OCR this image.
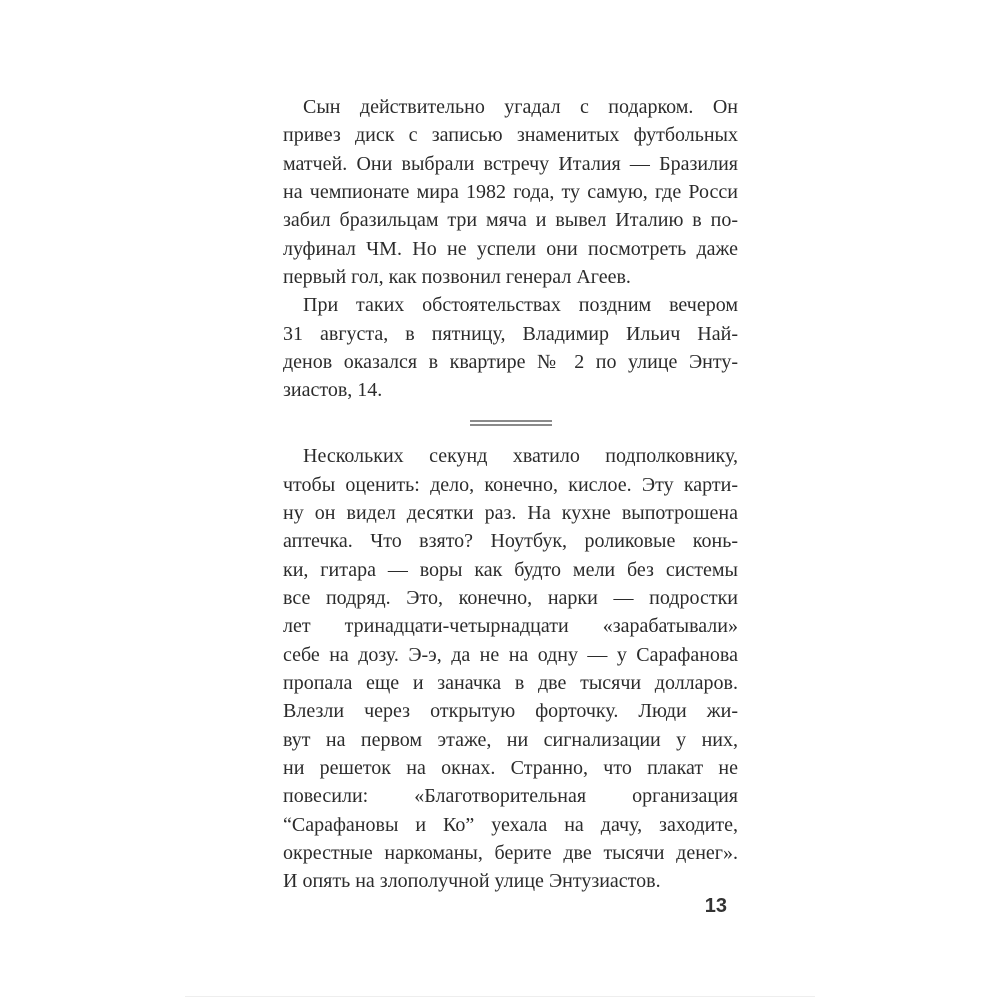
Сын действительно угадал с подарком. Он
привез диск с записью знаменитых футбольных
матчей. Они выбрали встречу Италия — Бразилия
на чемпионате мира 1982 года, ту самую, где Росси
забил бразильцам три мяча и вывел Италию в по-
луфинал ЧМ. Но не успели они посмотреть даже
первый гол, как позвонил генерал Агеев.
При таких обстоятельствах поздним вечером
31 августа, в пятницу, Владимир Ильич Най-
денов оказался в квартире № 2 по улице Энту-
зиастов, 14.
Нескольких секунд хватило подполковнику,
чтобы оценить: дело, конечно, кислое. Эту карти-
ну он видел десятки раз. На кухне выпотрошена
аптечка. Что взято? Ноутбук, роликовые конь-
ки, гитара — воры как будто мели без системы
все подряд. Это, конечно, нарки — подростки
лет тринадцати-четырнадцати «зарабатывали»
себе на дозу. Э-э, да не на одну — у Сарафанова
пропала еще и заначка в две тысячи долларов.
Влезли через открытую форточку. Люди жи-
вут на первом этаже, ни сигнализации у них,
ни решеток на окнах. Странно, что плакат не
повесили: «Благотворительная организация
“Сарафановы и Ко” уехала на дачу, заходите,
окрестные наркоманы, берите две тысячи денег».
И опять на злополучной улице Энтузиастов.
13
